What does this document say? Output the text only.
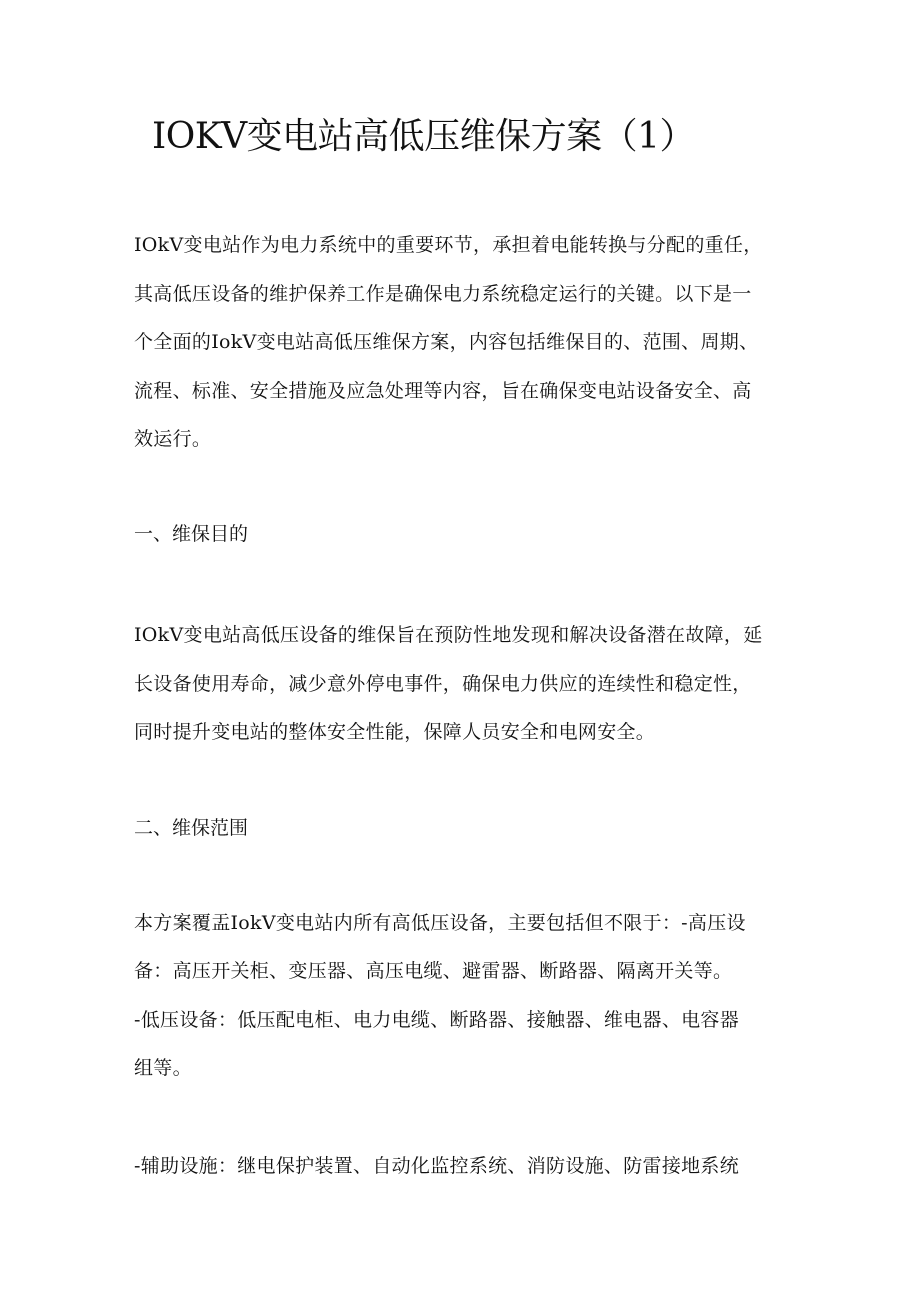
IOKV变电站高低压维保方案（1）
IOkV变电站作为电力系统中的重要环节，承担着电能转换与分配的重任，
其高低压设备的维护保养工作是确保电力系统稳定运行的关键。以下是一
个全面的IokV变电站高低压维保方案，内容包括维保目的、范围、周期、
流程、标准、安全措施及应急处理等内容，旨在确保变电站设备安全、高
效运行。
一、维保目的
IOkV变电站高低压设备的维保旨在预防性地发现和解决设备潜在故障，延
长设备使用寿命，减少意外停电事件，确保电力供应的连续性和稳定性，
同时提升变电站的整体安全性能，保障人员安全和电网安全。
二、维保范围
本方案覆盂IokV变电站内所有高低压设备，主要包括但不限于：-高压设
备：高压开关柜、变压器、高压电缆、避雷器、断路器、隔离开关等。
-低压设备：低压配电柜、电力电缆、断路器、接触器、维电器、电容器
组等。
-辅助设施：继电保护装置、自动化监控系统、消防设施、防雷接地系统
